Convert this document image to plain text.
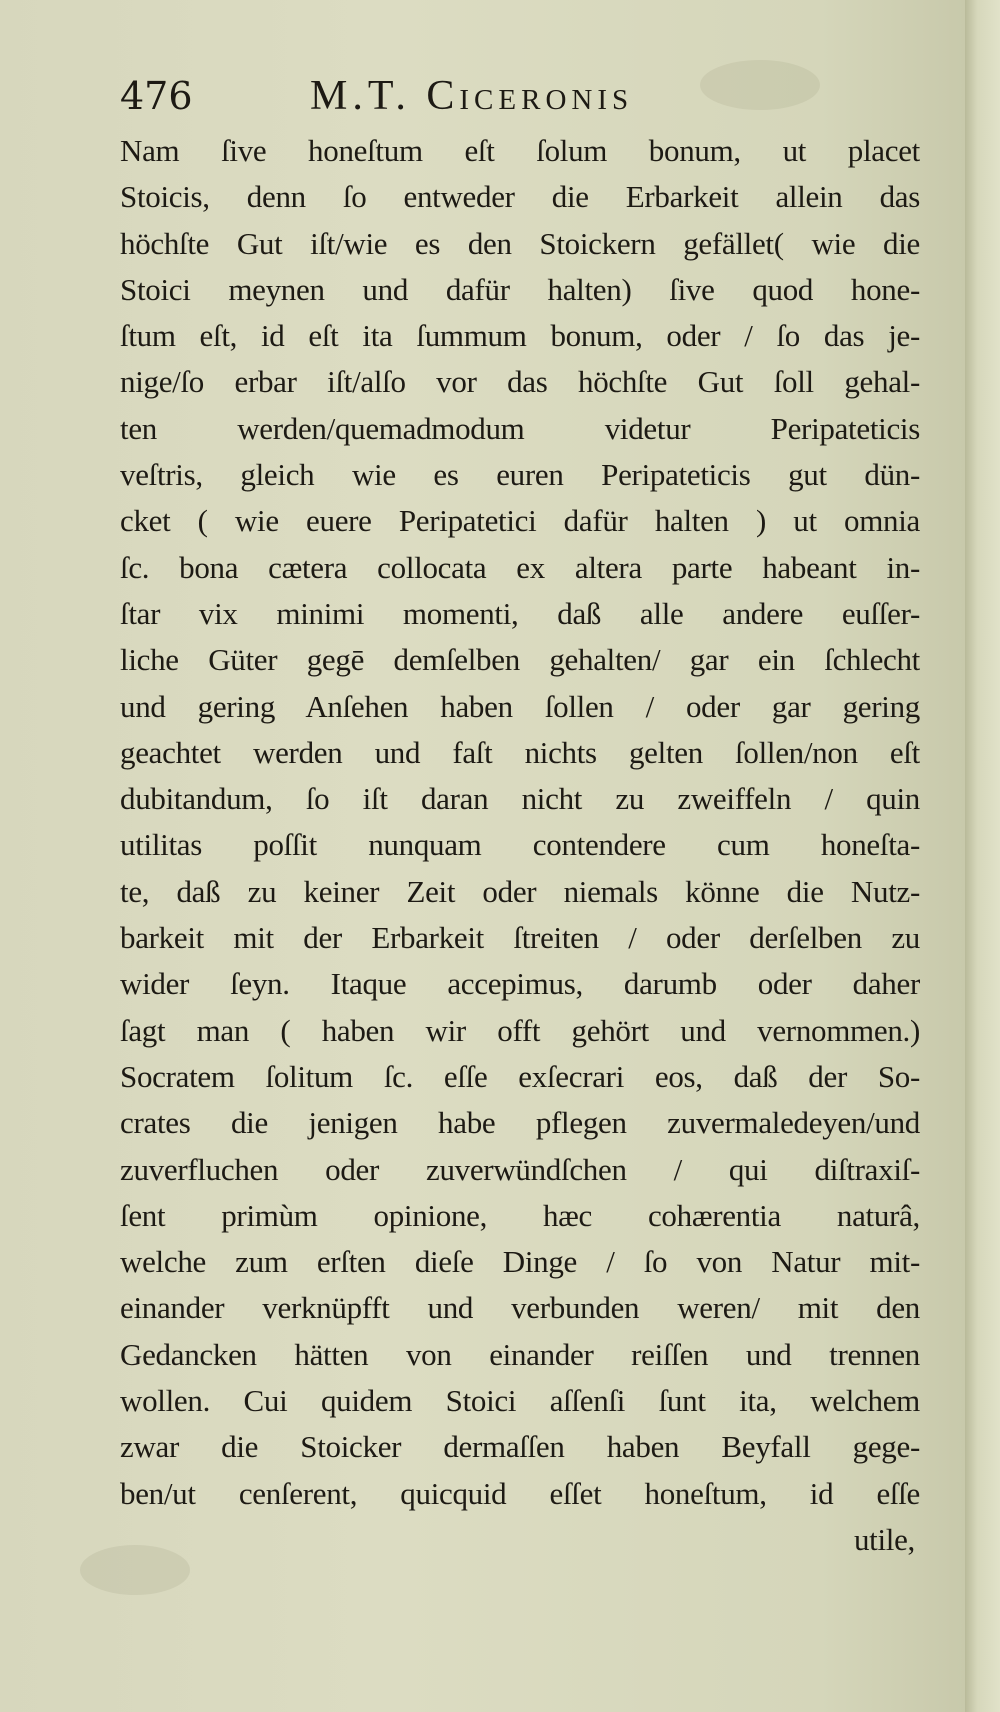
476	M.T. Ciceronis
Nam ſive honeſtum eſt ſolum bonum, ut placet
Stoicis, denn ſo entweder die Erbarkeit allein das
höchſte Gut iſt/wie es den Stoickern gefället( wie die
Stoici meynen und dafür halten) ſive quod hone-
ſtum eſt, id eſt ita ſummum bonum, oder / ſo das je-
nige/ſo erbar iſt/alſo vor das höchſte Gut ſoll gehal-
ten werden/quemadmodum videtur Peripateticis
veſtris, gleich wie es euren Peripateticis gut dün-
cket ( wie euere Peripatetici dafür halten ) ut omnia
ſc. bona cætera collocata ex altera parte habeant in-
ſtar vix minimi momenti, daß alle andere euſſer-
liche Güter gegē demſelben gehalten/ gar ein ſchlecht
und gering Anſehen haben ſollen / oder gar gering
geachtet werden und faſt nichts gelten ſollen/non eſt
dubitandum, ſo iſt daran nicht zu zweiffeln / quin
utilitas poſſit nunquam contendere cum honeſta-
te, daß zu keiner Zeit oder niemals könne die Nutz-
barkeit mit der Erbarkeit ſtreiten / oder derſelben zu
wider ſeyn. Itaque accepimus, darumb oder daher
ſagt man ( haben wir offt gehört und vernommen.)
Socratem ſolitum ſc. eſſe exſecrari eos, daß der So-
crates die jenigen habe pflegen zuvermaledeyen/und
zuverfluchen oder zuverwündſchen / qui diſtraxiſ-
ſent primùm opinione, hæc cohærentia naturâ,
welche zum erſten dieſe Dinge / ſo von Natur mit-
einander verknüpfft und verbunden weren/ mit den
Gedancken hätten von einander reiſſen und trennen
wollen. Cui quidem Stoici aſſenſi ſunt ita, welchem
zwar die Stoicker dermaſſen haben Beyfall gege-
ben/ut cenſerent, quicquid eſſet honeſtum, id eſſe
utile,
